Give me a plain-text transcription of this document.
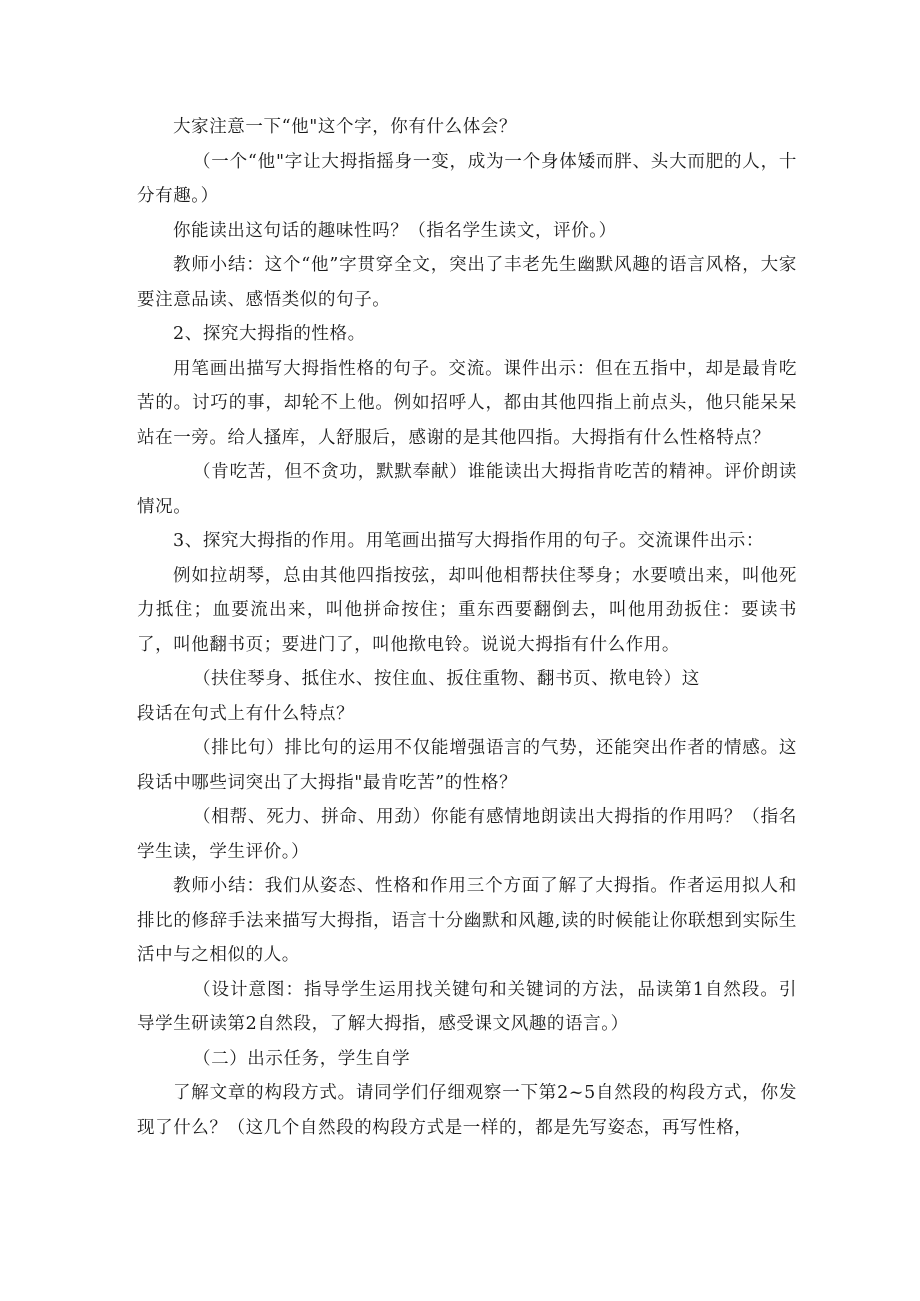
大家注意一下“他"这个字，你有什么体会？

（一个“他"字让大拇指摇身一变，成为一个身体矮而胖、头大而肥的人，十分有趣。）

你能读出这句话的趣味性吗？（指名学生读文，评价。）

教师小结：这个“他”字贯穿全文，突出了丰老先生幽默风趣的语言风格，大家要注意品读、感悟类似的句子。

2、探究大拇指的性格。

用笔画出描写大拇指性格的句子。交流。课件出示：但在五指中，却是最肯吃苦的。讨巧的事，却轮不上他。例如招呼人，都由其他四指上前点头，他只能呆呆站在一旁。给人搔库，人舒服后，感谢的是其他四指。大拇指有什么性格特点？

（肯吃苦，但不贪功，默默奉献）谁能读出大拇指肯吃苦的精神。评价朗读情况。

3、探究大拇指的作用。用笔画出描写大拇指作用的句子。交流课件出示：

例如拉胡琴，总由其他四指按弦，却叫他相帮扶住琴身；水要喷出来，叫他死力抵住；血要流出来，叫他拼命按住；重东西要翻倒去，叫他用劲扳住：要读书了，叫他翻书页；要进门了，叫他揿电铃。说说大拇指有什么作用。

（扶住琴身、抵住水、按住血、扳住重物、翻书页、揿电铃）这

段话在句式上有什么特点？

（排比句）排比句的运用不仅能增强语言的气势，还能突出作者的情感。这段话中哪些词突出了大拇指"最肯吃苦”的性格？

（相帮、死力、拼命、用劲）你能有感情地朗读出大拇指的作用吗？（指名学生读，学生评价。）

教师小结：我们从姿态、性格和作用三个方面了解了大拇指。作者运用拟人和排比的修辞手法来描写大拇指，语言十分幽默和风趣,读的时候能让你联想到实际生活中与之相似的人。

（设计意图：指导学生运用找关键句和关键词的方法，品读第1自然段。引导学生研读第2自然段，了解大拇指，感受课文风趣的语言。）

（二）出示任务，学生自学

了解文章的构段方式。请同学们仔细观察一下第2~5自然段的构段方式，你发现了什么？（这几个自然段的构段方式是一样的，都是先写姿态，再写性格，
